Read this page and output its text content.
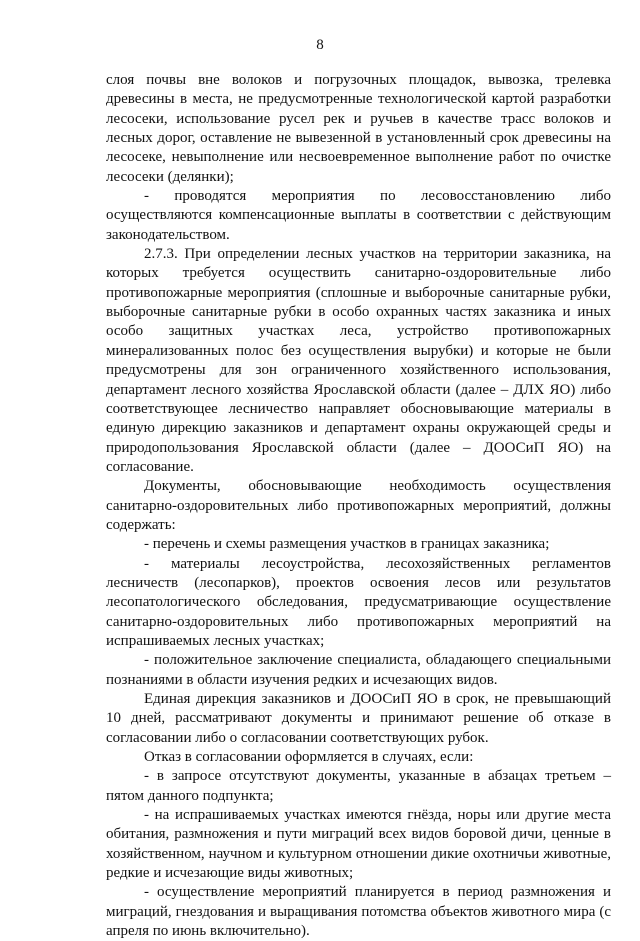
8

слоя почвы вне волоков и погрузочных площадок, вывозка, трелевка древесины в места, не предусмотренные технологической картой разработки лесосеки, использование русел рек и ручьев в качестве трасс волоков и лесных дорог, оставление не вывезенной в установленный срок древесины на лесосеке, невыполнение или несвоевременное выполнение работ по очистке лесосеки (делянки);

- проводятся мероприятия по лесовосстановлению либо осуществляются компенсационные выплаты в соответствии с действующим законодательством.

2.7.3. При определении лесных участков на территории заказника, на которых требуется осуществить санитарно-оздоровительные либо противопожарные мероприятия (сплошные и выборочные санитарные рубки, выборочные санитарные рубки в особо охранных частях заказника и иных особо защитных участках леса, устройство противопожарных минерализованных полос без осуществления вырубки) и которые не были предусмотрены для зон ограниченного хозяйственного использования, департамент лесного хозяйства Ярославской области (далее – ДЛХ ЯО) либо соответствующее лесничество направляет обосновывающие материалы в единую дирекцию заказников и департамент охраны окружающей среды и природопользования Ярославской области (далее – ДООСиП ЯО) на согласование.

Документы, обосновывающие необходимость осуществления санитарно-оздоровительных либо противопожарных мероприятий, должны содержать:

- перечень и схемы размещения участков в границах заказника;

- материалы лесоустройства, лесохозяйственных регламентов лесничеств (лесопарков), проектов освоения лесов или результатов лесопатологического обследования, предусматривающие осуществление санитарно-оздоровительных либо противопожарных мероприятий на испрашиваемых лесных участках;

- положительное заключение специалиста, обладающего специальными познаниями в области изучения редких и исчезающих видов.

Единая дирекция заказников и ДООСиП ЯО в срок, не превышающий 10 дней, рассматривают документы и принимают решение об отказе в согласовании либо о согласовании соответствующих рубок.

Отказ в согласовании оформляется в случаях, если:

- в запросе отсутствуют документы, указанные в абзацах третьем – пятом данного подпункта;

- на испрашиваемых участках имеются гнёзда, норы или другие места обитания, размножения и пути миграций всех видов боровой дичи, ценные в хозяйственном, научном и культурном отношении дикие охотничьи животные, редкие и исчезающие виды животных;

- осуществление мероприятий планируется в период размножения и миграций, гнездования и выращивания потомства объектов животного мира (с апреля по июнь включительно).
